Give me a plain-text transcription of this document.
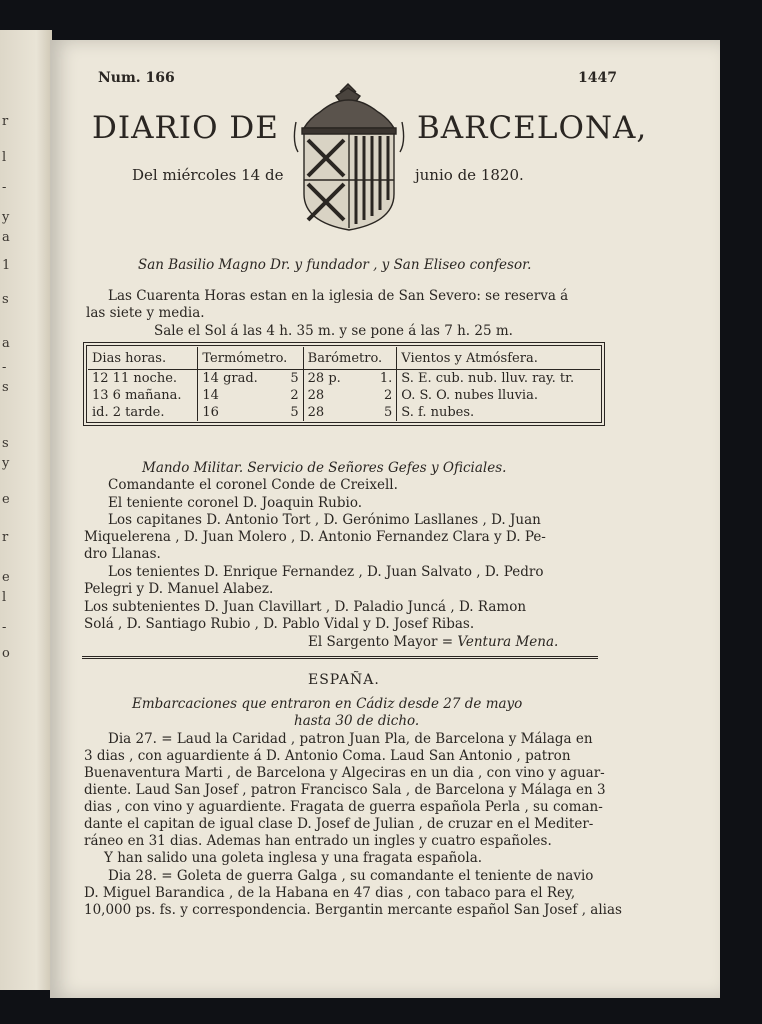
r
l
-
y
a
1
s
a
-
s
s
y
e
r
e
l
-
o
Num. 166	1447
DIARIO DE	BARCELONA,
Del miércoles 14 de	junio de 1820.
San Basilio Magno Dr. y fundador , y San Eliseo confesor.
Las Cuarenta Horas estan en la iglesia de San Severo: se reserva á
las siete y media.
Sale el Sol á las 4 h. 35 m. y se pone á las 7 h. 25 m.
Dias horas.	Termómetro.		Barómetro.		Vientos y Atmósfera.
12 11 noche.	14 grad.	5	28 p.	1.	S. E. cub. nub. lluv. ray. tr.
13 6 mañana.	14	2	28	2	O. S. O. nubes lluvia.
id. 2 tarde.	16	5	28	5	S. f. nubes.
Mando Militar. Servicio de Señores Gefes y Oficiales.
Comandante el coronel Conde de Creixell.
El teniente coronel D. Joaquin Rubio.
Los capitanes D. Antonio Tort , D. Gerónimo Lasllanes , D. Juan
Miquelerena , D. Juan Molero , D. Antonio Fernandez Clara y D. Pe-
dro Llanas.
Los tenientes D. Enrique Fernandez , D. Juan Salvato , D. Pedro
Pelegri y D. Manuel Alabez.
Los subtenientes D. Juan Clavillart , D. Paladio Juncá , D. Ramon
Solá , D. Santiago Rubio , D. Pablo Vidal y D. Josef Ribas.
El Sargento Mayor = Ventura Mena.
ESPAÑA.
Embarcaciones que entraron en Cádiz desde 27 de mayo
hasta 30 de dicho.
Dia 27. = Laud la Caridad , patron Juan Pla, de Barcelona y Málaga en
3 dias , con aguardiente á D. Antonio Coma. Laud San Antonio , patron
Buenaventura Marti , de Barcelona y Algeciras en un dia , con vino y aguar-
diente. Laud San Josef , patron Francisco Sala , de Barcelona y Málaga en 3
dias , con vino y aguardiente. Fragata de guerra española Perla , su coman-
dante el capitan de igual clase D. Josef de Julian , de cruzar en el Mediter-
ráneo en 31 dias. Ademas han entrado un ingles y cuatro españoles.
Y han salido una goleta inglesa y una fragata española.
Dia 28. = Goleta de guerra Galga , su comandante el teniente de navio
D. Miguel Barandica , de la Habana en 47 dias , con tabaco para el Rey,
10,000 ps. fs. y correspondencia. Bergantin mercante español San Josef , alias
